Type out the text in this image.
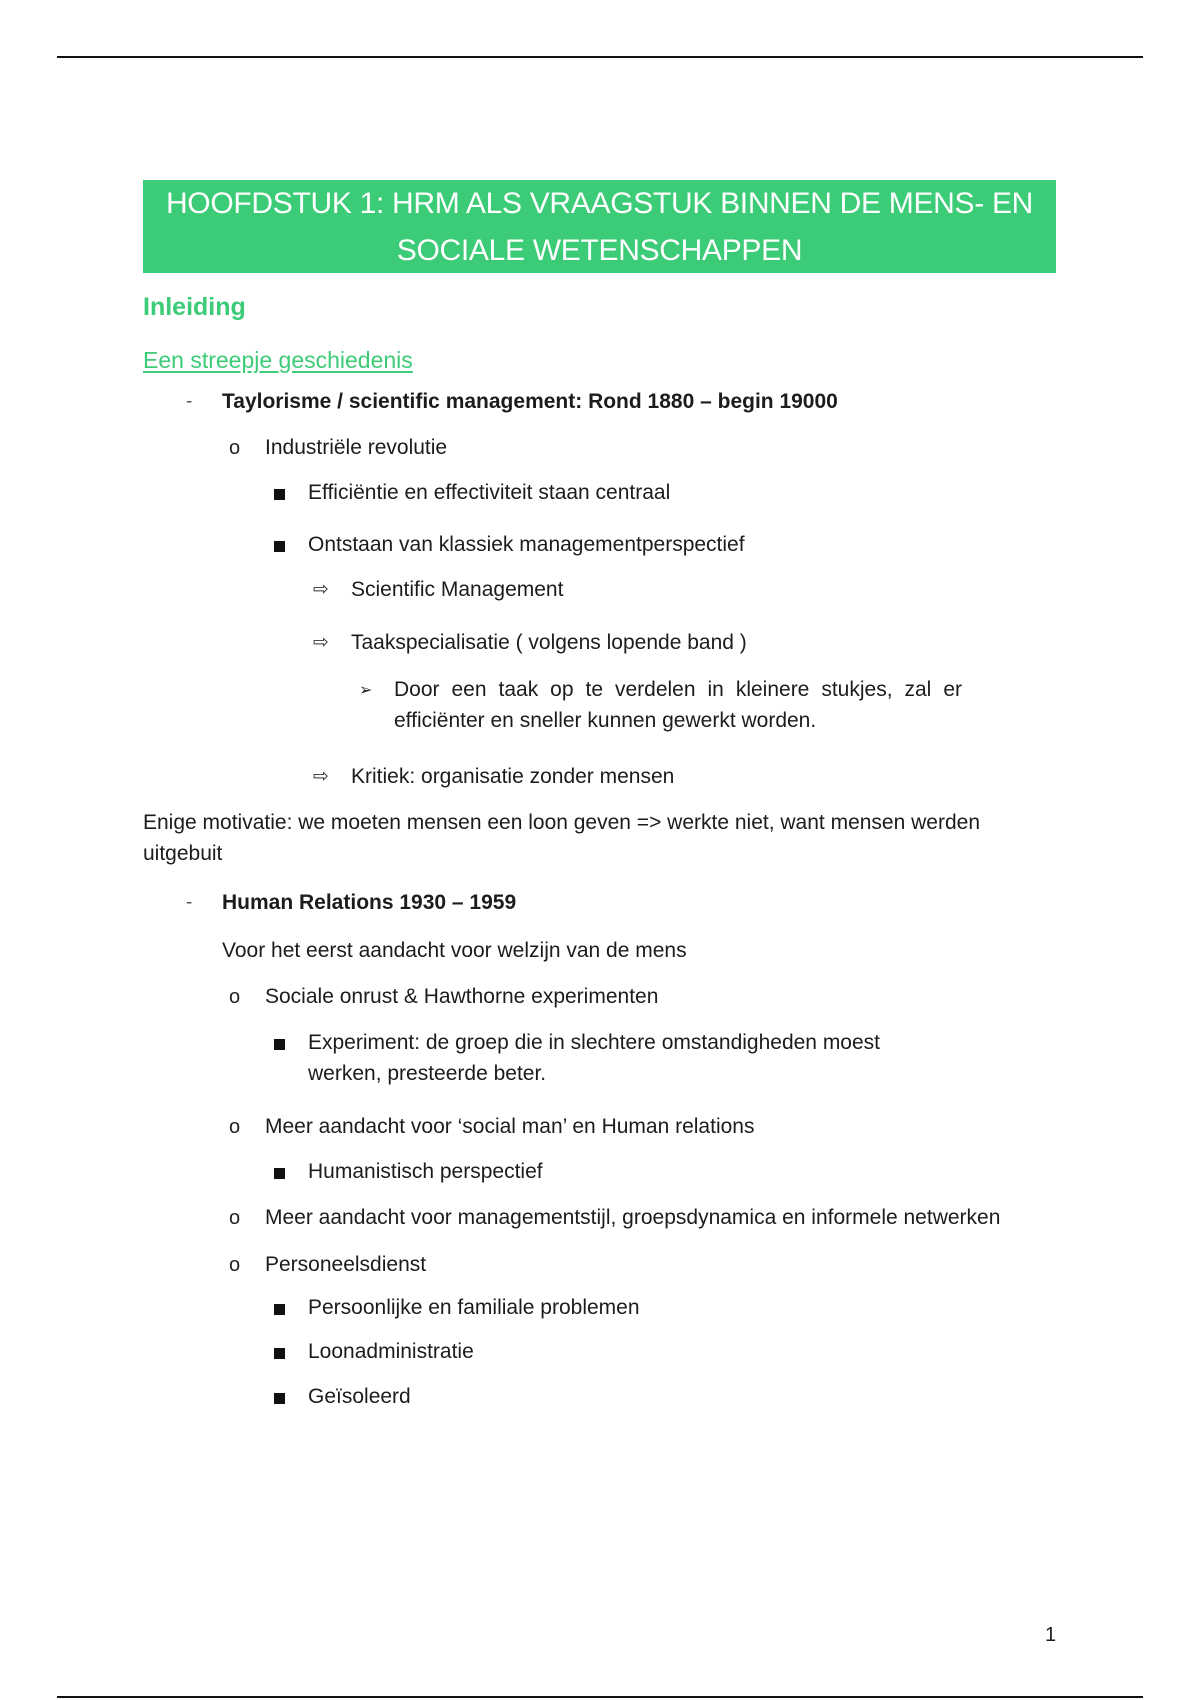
HOOFDSTUK 1: HRM ALS VRAAGSTUK BINNEN DE MENS- EN SOCIALE WETENSCHAPPEN
Inleiding
Een streepje geschiedenis
- Taylorisme / scientific management: Rond 1880 – begin 19000
o Industriële revolutie
Efficiëntie en effectiviteit staan centraal
Ontstaan van klassiek managementperspectief
⇨ Scientific Management
⇨ Taakspecialisatie ( volgens lopende band )
➢ Door een taak op te verdelen in kleinere stukjes, zal er efficiënter en sneller kunnen gewerkt worden.
⇨ Kritiek: organisatie zonder mensen
Enige motivatie: we moeten mensen een loon geven => werkte niet, want mensen werden uitgebuit
- Human Relations 1930 – 1959
Voor het eerst aandacht voor welzijn van de mens
o Sociale onrust & Hawthorne experimenten
Experiment: de groep die in slechtere omstandigheden moest werken, presteerde beter.
o Meer aandacht voor ‘social man’ en Human relations
Humanistisch perspectief
o Meer aandacht voor managementstijl, groepsdynamica en informele netwerken
o Personeelsdienst
Persoonlijke en familiale problemen
Loonadministratie
Geïsoleerd
1
